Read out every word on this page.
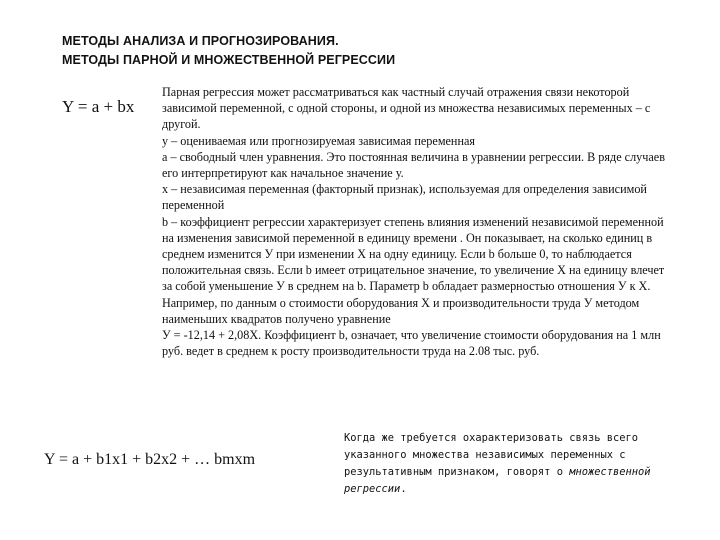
МЕТОДЫ АНАЛИЗА И ПРОГНОЗИРОВАНИЯ.
МЕТОДЫ ПАРНОЙ И МНОЖЕСТВЕННОЙ РЕГРЕССИИ
Y = a + bx

Парная регрессия может рассматриваться как частный случай отражения связи некоторой зависимой переменной, с одной стороны, и одной из множества независимых переменных – с другой.

у – оцениваемая или прогнозируемая зависимая переменная

а – свободный член уравнения. Это постоянная величина в уравнении регрессии. В ряде случаев его интерпретируют как начальное значение у.

х – независимая переменная (факторный признак), используемая для определения зависимой переменной

b – коэффициент регрессии характеризует степень влияния изменений независимой переменной на изменения зависимой переменной в единицу времени . Он показывает, на сколько единиц в среднем изменится У при изменении Х на одну единицу. Если b больше 0, то наблюдается положительная связь. Если b имеет отрицательное значение, то увеличение Х на единицу влечет за собой уменьшение У в среднем на b. Параметр b обладает размерностью отношения У к Х. Например, по данным о стоимости оборудования Х и производительности труда У методом наименьших квадратов получено уравнение

У = -12,14 + 2,08Х. Коэффициент b, означает, что увеличение стоимости оборудования на 1 млн руб. ведет в среднем к росту производительности труда на 2.08 тыс. руб.

Y = a + b1x1 + b2x2 + … bmxm
Когда же требуется охарактеризовать связь всего указанного множества независимых переменных с результативным признаком, говорят о множественной регрессии.
